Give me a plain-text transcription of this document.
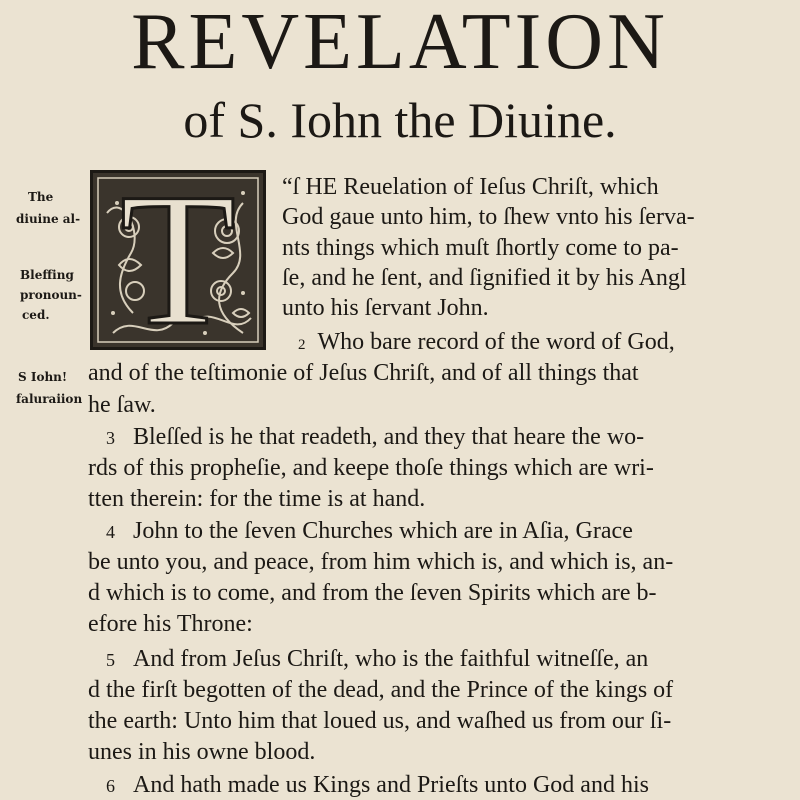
REVELATION
of S. Iohn the Diuine.
The
diuine al-
Bleffing
pronoun-
ced.
S Iohn!
faluraiion
T “ſ HE Reuelation of Ieſus Chriſt, which
God gaue unto him, to ſhew vnto his ſerva-
nts things which muſt ſhortly come to pa-
ſe, and he ſent, and ſignified it by his Angl
unto his ſervant John.
2 Who bare record of the word of God,
and of the teſtimonie of Jeſus Chriſt, and of all things that
he ſaw.
3 Bleſſed is he that readeth, and they that heare the wo-
rds of this propheſie, and keepe thoſe things which are wri-
tten therein: for the time is at hand.
4 John to the ſeven Churches which are in Aſia, Grace
be unto you, and peace, from him which is, and which is, an-
d which is to come, and from the ſeven Spirits which are b-
efore his Throne:
5 And from Jeſus Chriſt, who is the faithful witneſſe, an
d the firſt begotten of the dead, and the Prince of the kings of
the earth: Unto him that loued us, and waſhed us from our ſi-
unes in his owne blood.
6 And hath made us Kings and Prieſts unto God and his
